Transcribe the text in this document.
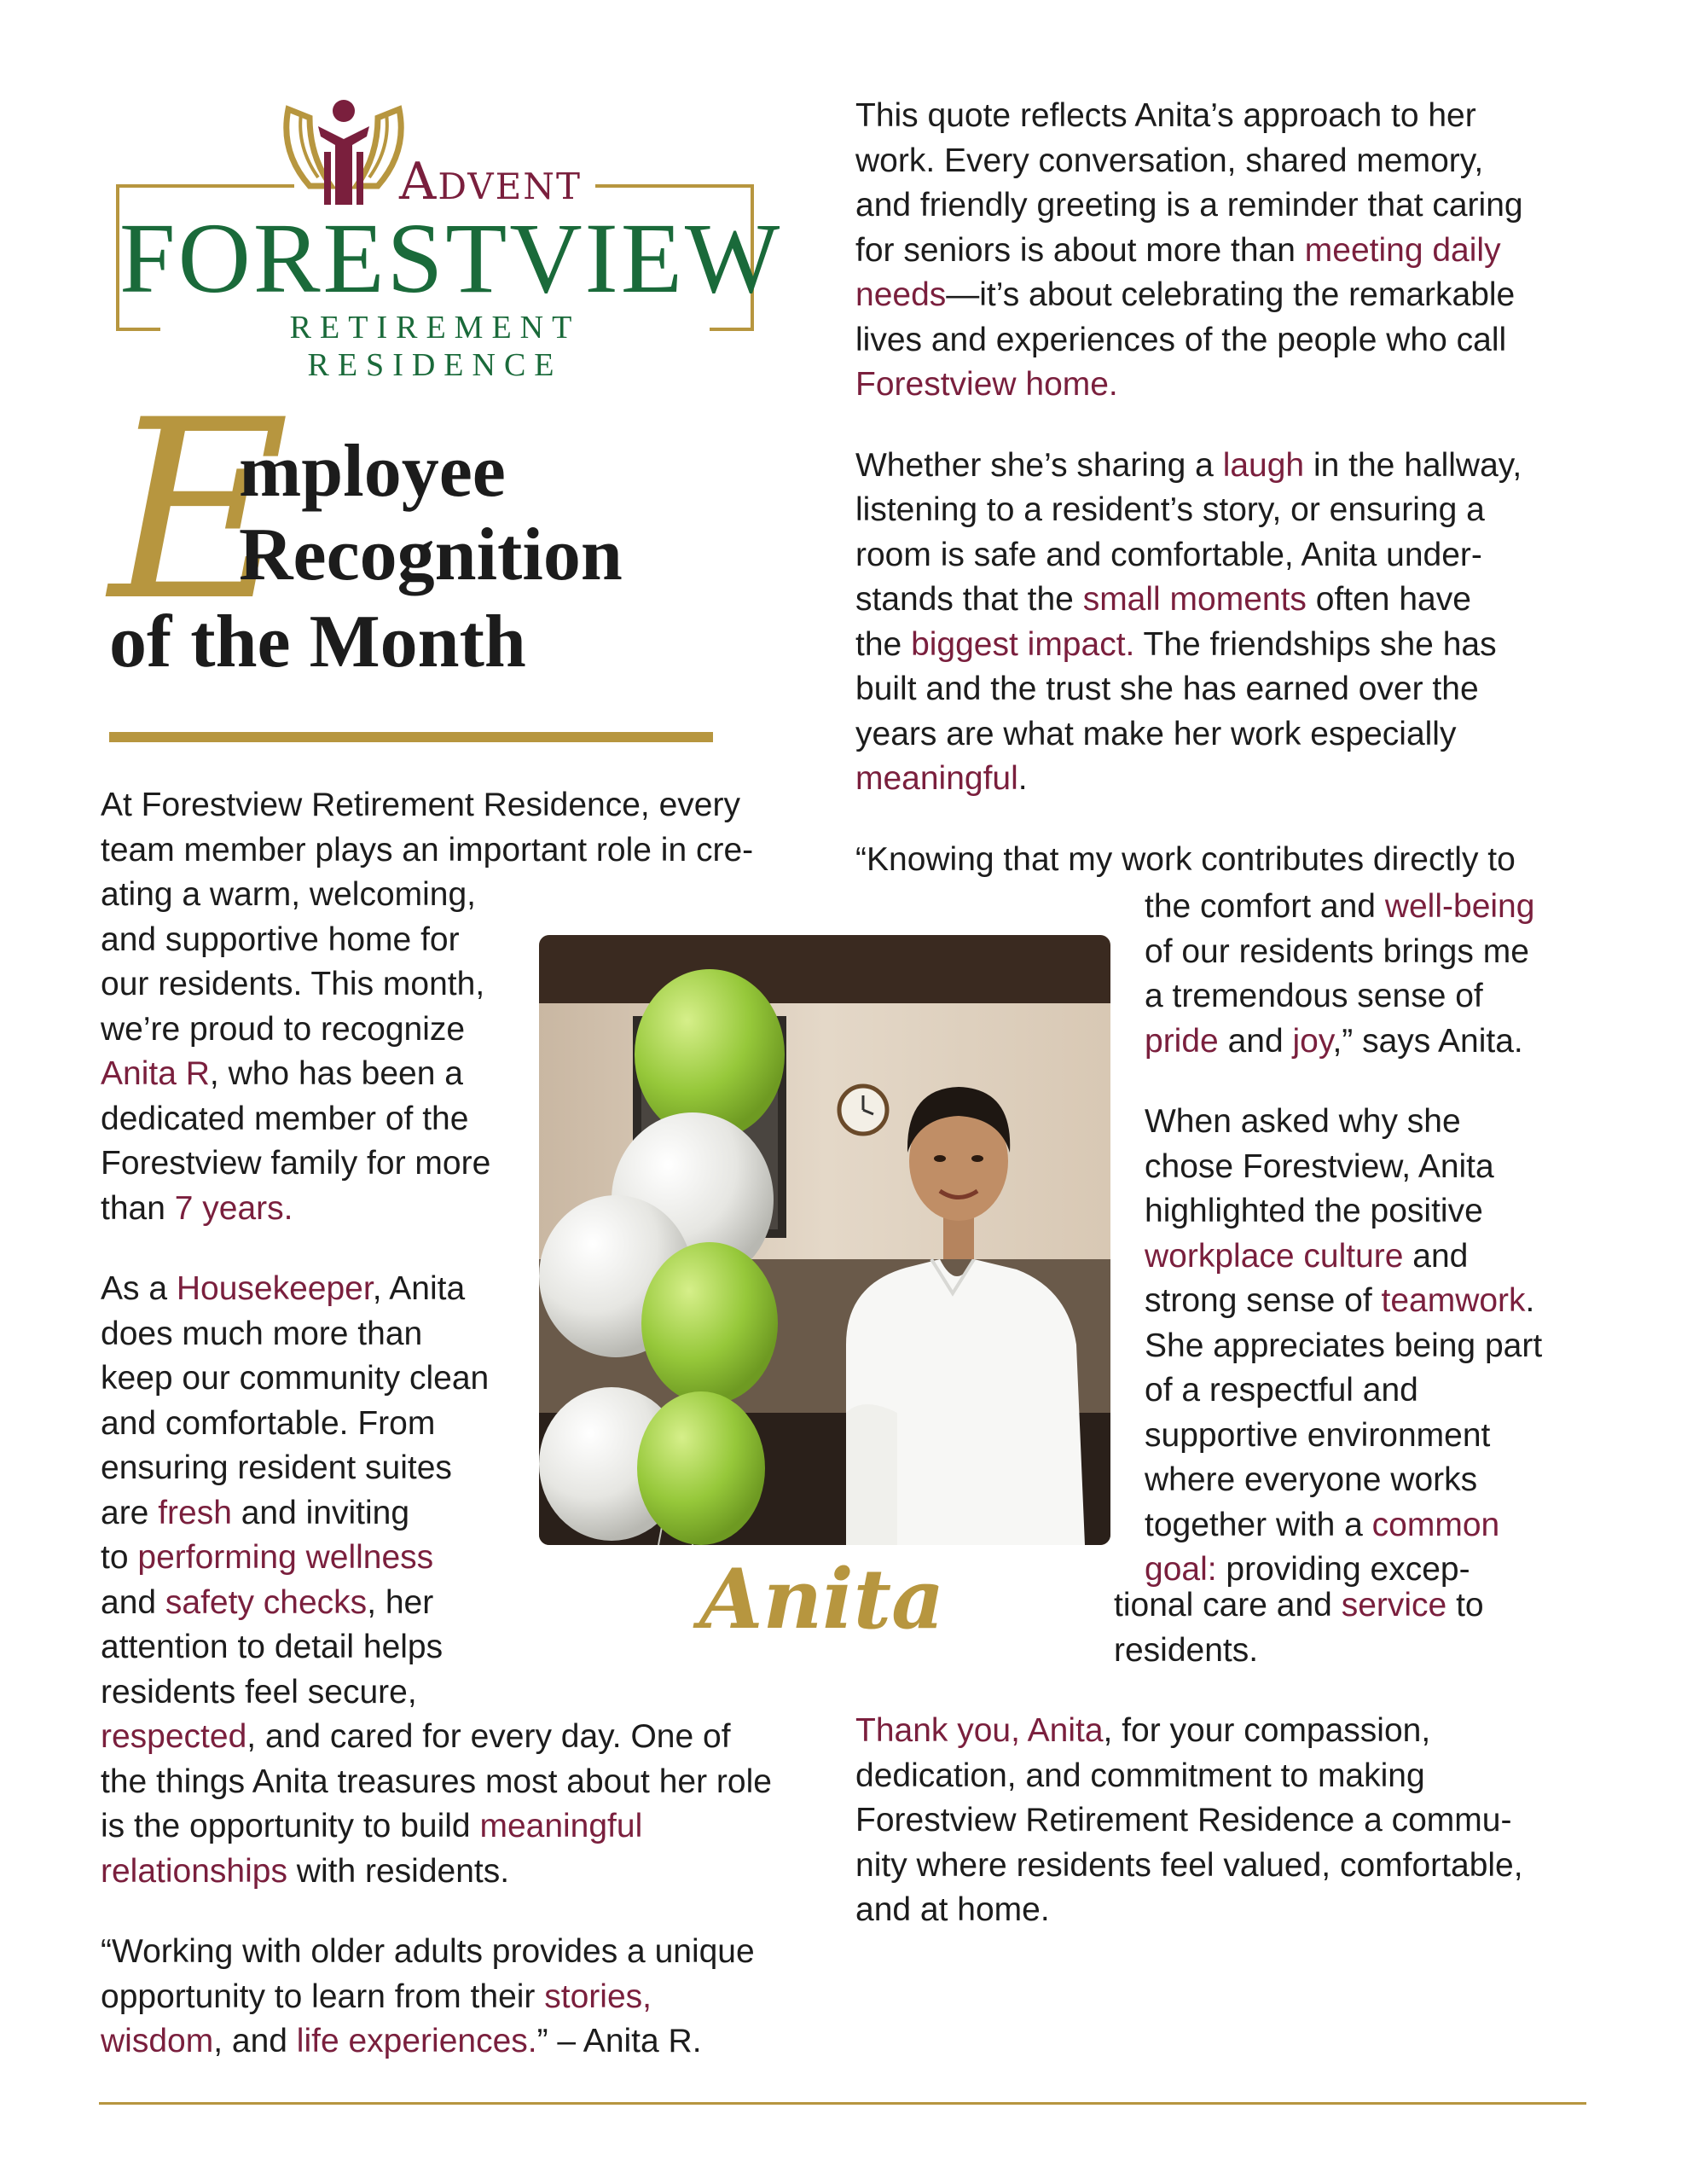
Advent
FORESTVIEW
RETIREMENT RESIDENCE
E
mployee
Recognition
of the Month
Anita

At Forestview Retirement Residence, every

team member plays an important role in cre-

ating a warm, welcoming,

and supportive home for

our residents. This month,

we’re proud to recognize

Anita R, who has been a

dedicated member of the

Forestview family for more

than 7 years.

As a Housekeeper, Anita

does much more than

keep our community clean

and comfortable. From

ensuring resident suites

are fresh and inviting

to performing wellness

and safety checks, her

attention to detail helps

residents feel secure,

respected, and cared for every day. One of

the things Anita treasures most about her role

is the opportunity to build meaningful

relationships with residents.

“Working with older adults provides a unique

opportunity to learn from their stories,

wisdom, and life experiences.” – Anita R.

This quote reflects Anita’s approach to her

work. Every conversation, shared memory,

and friendly greeting is a reminder that caring

for seniors is about more than meeting daily

needs—it’s about celebrating the remarkable

lives and experiences of the people who call

Forestview home.

Whether she’s sharing a laugh in the hallway,

listening to a resident’s story, or ensuring a

room is safe and comfortable, Anita under-

stands that the small moments often have

the biggest impact. The friendships she has

built and the trust she has earned over the

years are what make her work especially

meaningful.

“Knowing that my work contributes directly to

the comfort and well-being

of our residents brings me

a tremendous sense of

pride and joy,” says Anita.

When asked why she

chose Forestview, Anita

highlighted the positive

workplace culture and

strong sense of teamwork.

She appreciates being part

of a respectful and

supportive environment

where everyone works

together with a common

goal: providing excep-

tional care and service to

residents.

Thank you, Anita, for your compassion,

dedication, and commitment to making

Forestview Retirement Residence a commu-

nity where residents feel valued, comfortable,

and at home.
